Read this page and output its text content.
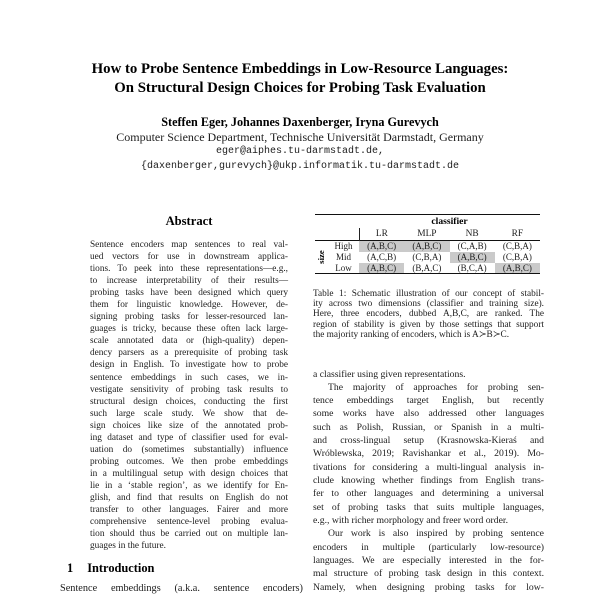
How to Probe Sentence Embeddings in Low-Resource Languages:
On Structural Design Choices for Probing Task Evaluation
Steffen Eger, Johannes Daxenberger, Iryna Gurevych
Computer Science Department, Technische Universität Darmstadt, Germany
eger@aiphes.tu-darmstadt.de,
{daxenberger,gurevych}@ukp.informatik.tu-darmstadt.de
Abstract
Sentence encoders map sentences to real val-
ued vectors for use in downstream applica-
tions. To peek into these representations—e.g.,
to increase interpretability of their results—
probing tasks have been designed which query
them for linguistic knowledge. However, de-
signing probing tasks for lesser-resourced lan-
guages is tricky, because these often lack large-
scale annotated data or (high-quality) depen-
dency parsers as a prerequisite of probing task
design in English. To investigate how to probe
sentence embeddings in such cases, we in-
vestigate sensitivity of probing task results to
structural design choices, conducting the first
such large scale study. We show that de-
sign choices like size of the annotated prob-
ing dataset and type of classifier used for eval-
uation do (sometimes substantially) influence
probing outcomes. We then probe embeddings
in a multilingual setup with design choices that
lie in a ‘stable region’, as we identify for En-
glish, and find that results on English do not
transfer to other languages. Fairer and more
comprehensive sentence-level probing evalua-
tion should thus be carried out on multiple lan-
guages in the future.
1 Introduction
Sentence embeddings (a.k.a. sentence encoders)
		classifier			
		LR	MLP	NB	RF

size	High	(A,B,C)	(A,B,C)	(C,A,B)	(C,B,A)
	Mid	(A,C,B)	(C,B,A)	(A,B,C)	(C,B,A)
	Low	(A,B,C)	(B,A,C)	(B,C,A)	(A,B,C)
Table 1: Schematic illustration of our concept of stabil-
ity across two dimensions (classifier and training size).
Here, three encoders, dubbed A,B,C, are ranked. The
region of stability is given by those settings that support
the majority ranking of encoders, which is A≻B≻C.
a classifier using given representations.
The majority of approaches for probing sen-
tence embeddings target English, but recently
some works have also addressed other languages
such as Polish, Russian, or Spanish in a multi-
and cross-lingual setup (Krasnowska-Kieraś and
Wróblewska, 2019; Ravishankar et al., 2019). Mo-
tivations for considering a multi-lingual analysis in-
clude knowing whether findings from English trans-
fer to other languages and determining a universal
set of probing tasks that suits multiple languages,
e.g., with richer morphology and freer word order.
Our work is also inspired by probing sentence
encoders in multiple (particularly low-resource)
languages. We are especially interested in the for-
mal structure of probing task design in this context.
Namely, when designing probing tasks for low-
